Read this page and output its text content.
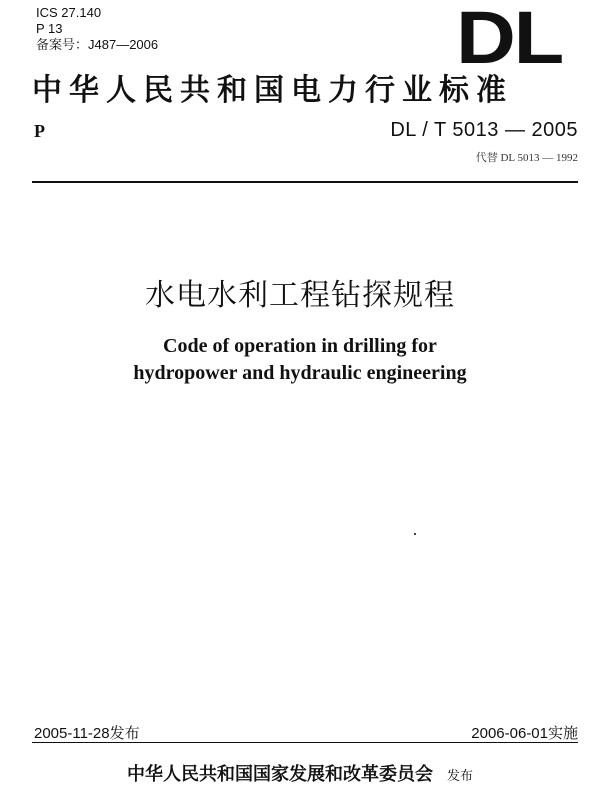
ICS 27.140
P 13
备案号：J487—2006	DL
中华人民共和国电力行业标准
P	DL / T 5013 — 2005
代替 DL 5013 — 1992
水电水利工程钻探规程
Code of operation in drilling for
hydropower and hydraulic engineering
2005-11-28发布	2006-06-01实施
中华人民共和国国家发展和改革委员会 发布
